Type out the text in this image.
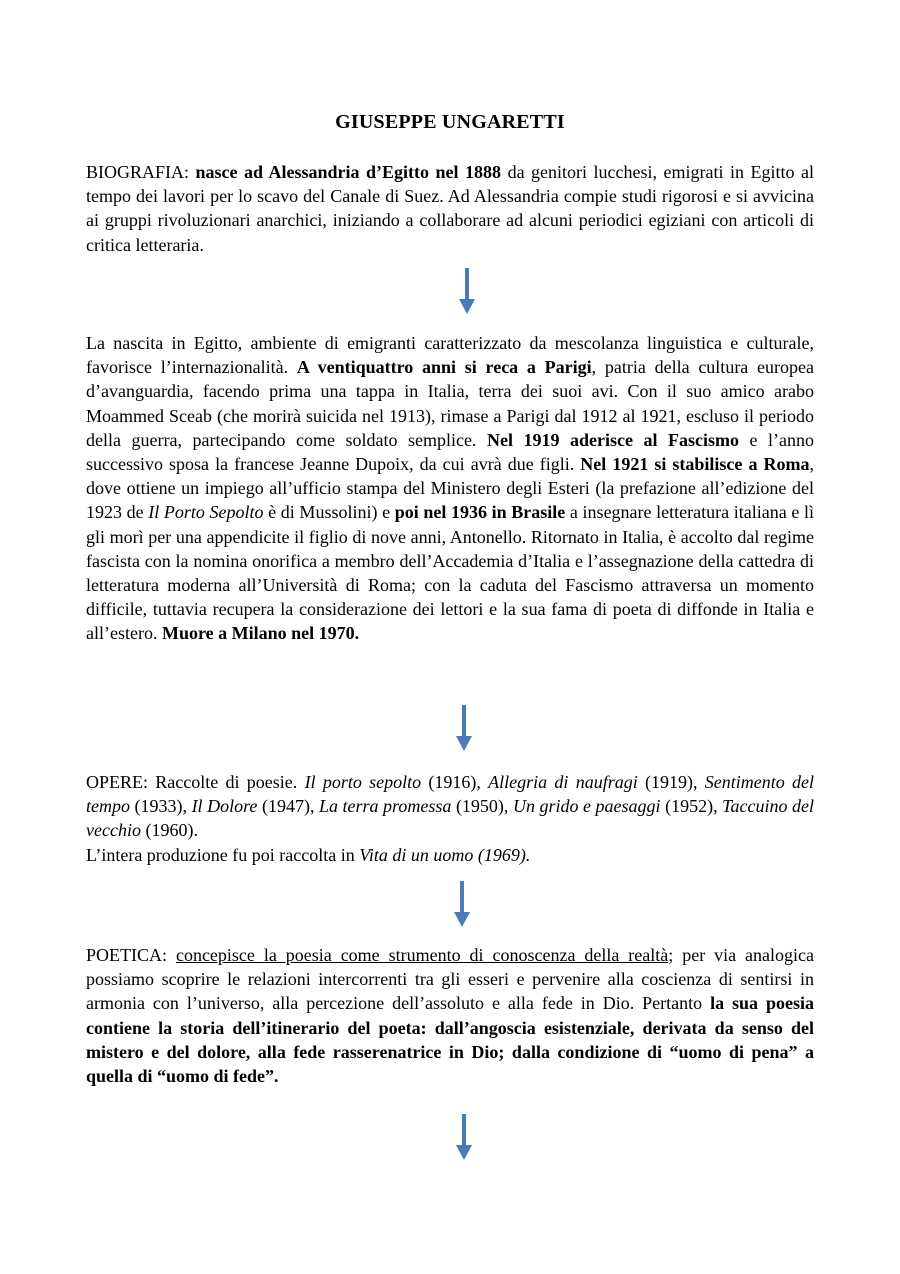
GIUSEPPE UNGARETTI

BIOGRAFIA: nasce ad Alessandria d’Egitto nel 1888 da genitori lucchesi, emigrati in Egitto al tempo dei lavori per lo scavo del Canale di Suez. Ad Alessandria compie studi rigorosi e si avvicina ai gruppi rivoluzionari anarchici, iniziando a collaborare ad alcuni periodici egiziani con articoli di critica letteraria.

La nascita in Egitto, ambiente di emigranti caratterizzato da mescolanza linguistica e culturale, favorisce l’internazionalità. A ventiquattro anni si reca a Parigi, patria della cultura europea d’avanguardia, facendo prima una tappa in Italia, terra dei suoi avi. Con il suo amico arabo Moammed Sceab (che morirà suicida nel 1913), rimase a Parigi dal 1912 al 1921, escluso il periodo della guerra, partecipando come soldato semplice. Nel 1919 aderisce al Fascismo e l’anno successivo sposa la francese Jeanne Dupoix, da cui avrà due figli. Nel 1921 si stabilisce a Roma, dove ottiene un impiego all’ufficio stampa del Ministero degli Esteri (la prefazione all’edizione del 1923 de Il Porto Sepolto è di Mussolini) e poi nel 1936 in Brasile a insegnare letteratura italiana e lì gli morì per una appendicite il figlio di nove anni, Antonello. Ritornato in Italia, è accolto dal regime fascista con la nomina onorifica a membro dell’Accademia d’Italia e l’assegnazione della cattedra di letteratura moderna all’Università di Roma; con la caduta del Fascismo attraversa un momento difficile, tuttavia recupera la considerazione dei lettori e la sua fama di poeta di diffonde in Italia e all’estero. Muore a Milano nel 1970.

OPERE: Raccolte di poesie. Il porto sepolto (1916), Allegria di naufragi (1919), Sentimento del tempo (1933), Il Dolore (1947), La terra promessa (1950), Un grido e paesaggi (1952), Taccuino del vecchio (1960).
L’intera produzione fu poi raccolta in Vita di un uomo (1969).

POETICA: concepisce la poesia come strumento di conoscenza della realtà; per via analogica possiamo scoprire le relazioni intercorrenti tra gli esseri e pervenire alla coscienza di sentirsi in armonia con l’universo, alla percezione dell’assoluto e alla fede in Dio. Pertanto la sua poesia contiene la storia dell’itinerario del poeta: dall’angoscia esistenziale, derivata da senso del mistero e del dolore, alla fede rasserenatrice in Dio; dalla condizione di “uomo di pena” a quella di “uomo di fede”.
